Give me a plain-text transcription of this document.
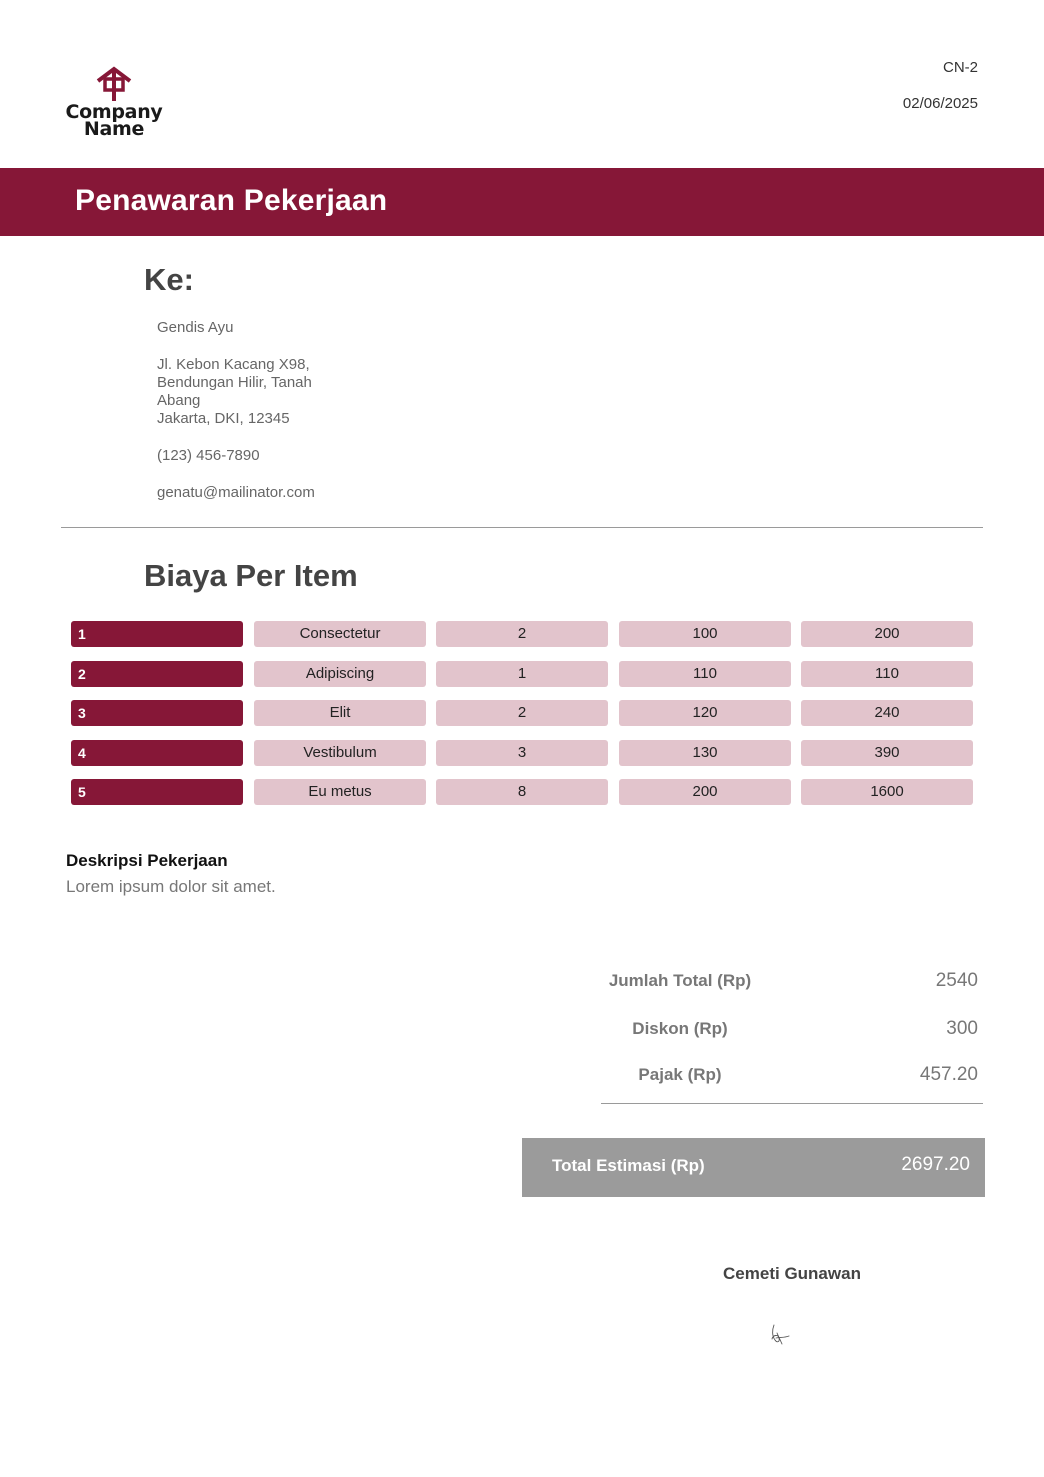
Company
Name
CN-2
02/06/2025
Penawaran Pekerjaan
Ke:
Gendis Ayu
Jl. Kebon Kacang X98,
Bendungan Hilir, Tanah
Abang
Jakarta, DKI, 12345
(123) 456-7890
genatu@mailinator.com
Biaya Per Item
1	Consectetur	2	100	200
2	Adipiscing	1	110	110
3	Elit	2	120	240
4	Vestibulum	3	130	390
5	Eu metus	8	200	1600
Deskripsi Pekerjaan
Lorem ipsum dolor sit amet.
Jumlah Total (Rp)	2540
Diskon (Rp)	300
Pajak (Rp)	457.20
Total Estimasi (Rp)	2697.20
Cemeti Gunawan
